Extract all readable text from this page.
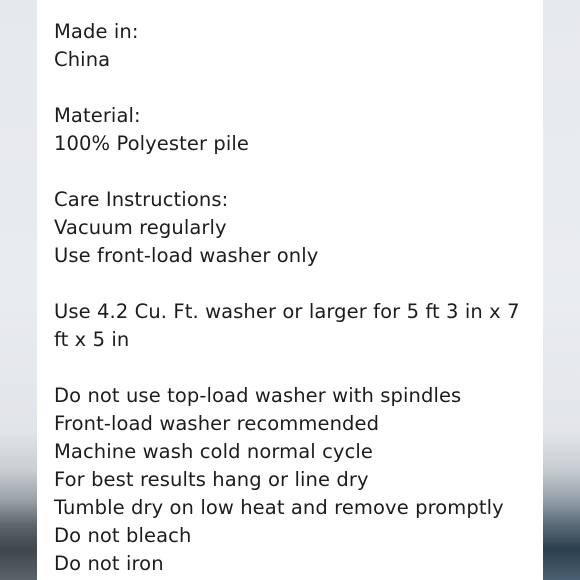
Made in:
China
Material:
100% Polyester pile
Care Instructions:
Vacuum regularly
Use front-load washer only
Use 4.2 Cu. Ft. washer or larger for 5 ft 3 in x 7 ft x 5 in
Do not use top-load washer with spindles
Front-load washer recommended
Machine wash cold normal cycle
For best results hang or line dry
Tumble dry on low heat and remove promptly
Do not bleach
Do not iron
